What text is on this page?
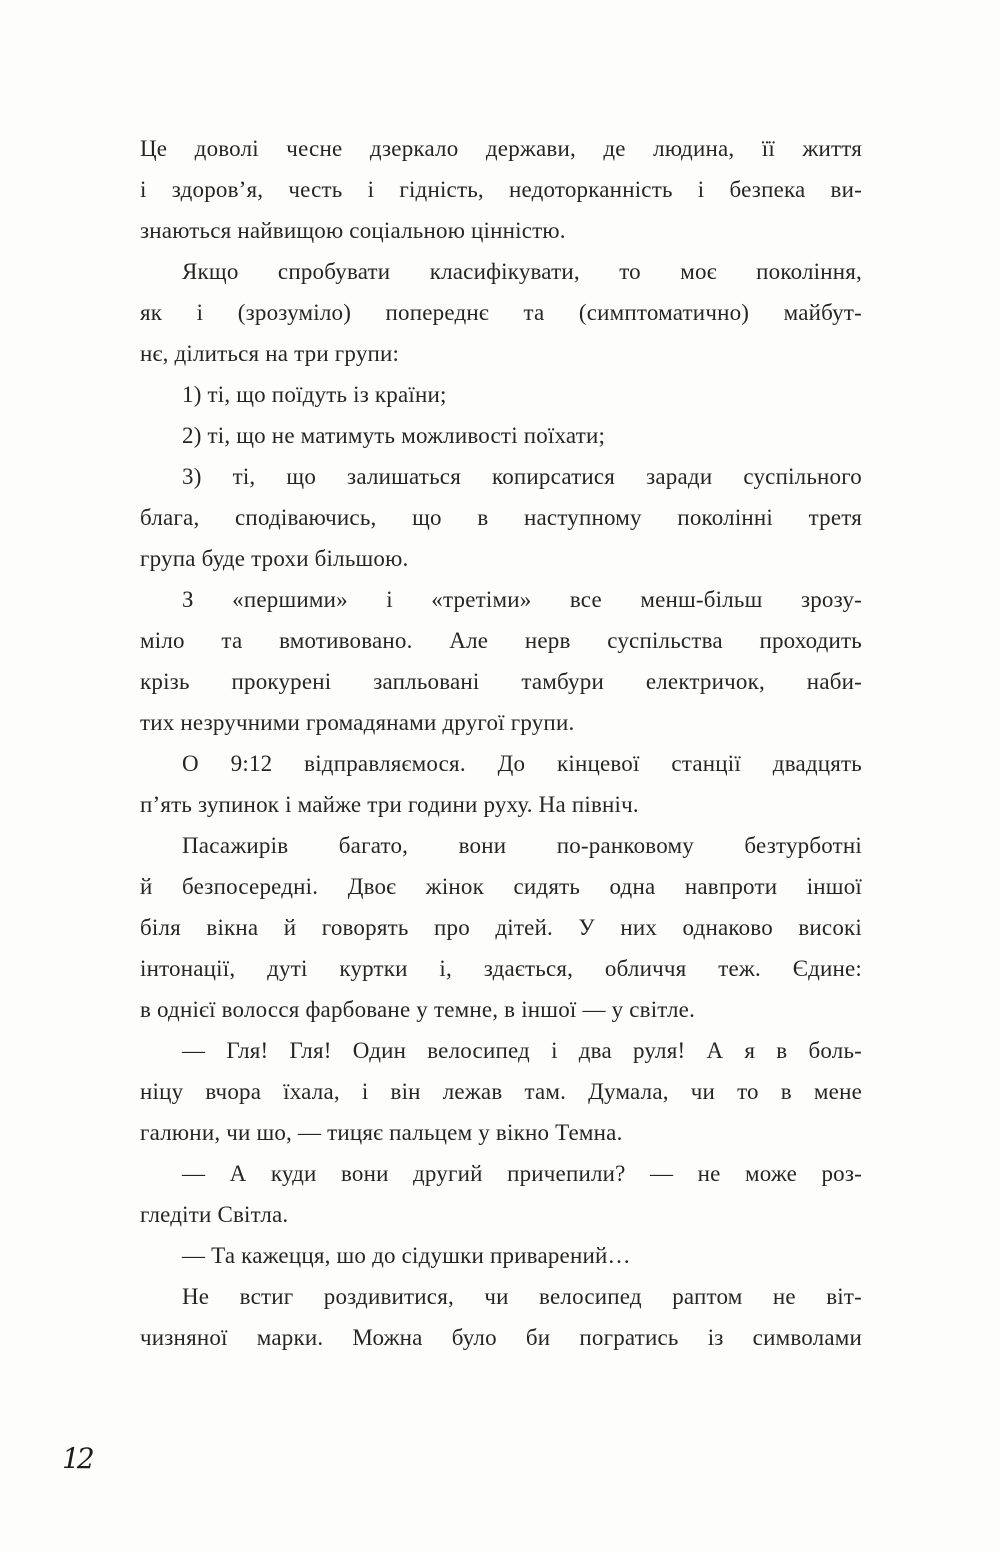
Це доволі чесне дзеркало держави, де людина, її життя
і здоров’я, честь і гідність, недоторканність і безпека ви-
знаються найвищою соціальною цінністю.
Якщо спробувати класифікувати, то моє покоління,
як і (зрозуміло) попереднє та (симптоматично) майбут-
нє, ділиться на три групи:
1) ті, що поїдуть із країни;
2) ті, що не матимуть можливості поїхати;
3) ті, що залишаться копирсатися заради суспільного
блага, сподіваючись, що в наступному поколінні третя
група буде трохи більшою.
З «першими» і «третіми» все менш-більш зрозу-
міло та вмотивовано. Але нерв суспільства проходить
крізь прокурені запльовані тамбури електричок, наби-
тих незручними громадянами другої групи.
О 9:12 відправляємося. До кінцевої станції двадцять
п’ять зупинок і майже три години руху. На північ.
Пасажирів багато, вони по-ранковому безтурботні
й безпосередні. Двоє жінок сидять одна навпроти іншої
біля вікна й говорять про дітей. У них однаково високі
інтонації, дуті куртки і, здається, обличчя теж. Єдине:
в однієї волосся фарбоване у темне, в іншої — у світле.
— Гля! Гля! Один велосипед і два руля! А я в боль-
ніцу вчора їхала, і він лежав там. Думала, чи то в мене
галюни, чи шо, — тицяє пальцем у вікно Темна.
— А куди вони другий причепили? — не може роз-
гледіти Світла.
— Та кажецця, шо до сідушки приварений…
Не встиг роздивитися, чи велосипед раптом не віт-
чизняної марки. Можна було би погратись із символами
12
